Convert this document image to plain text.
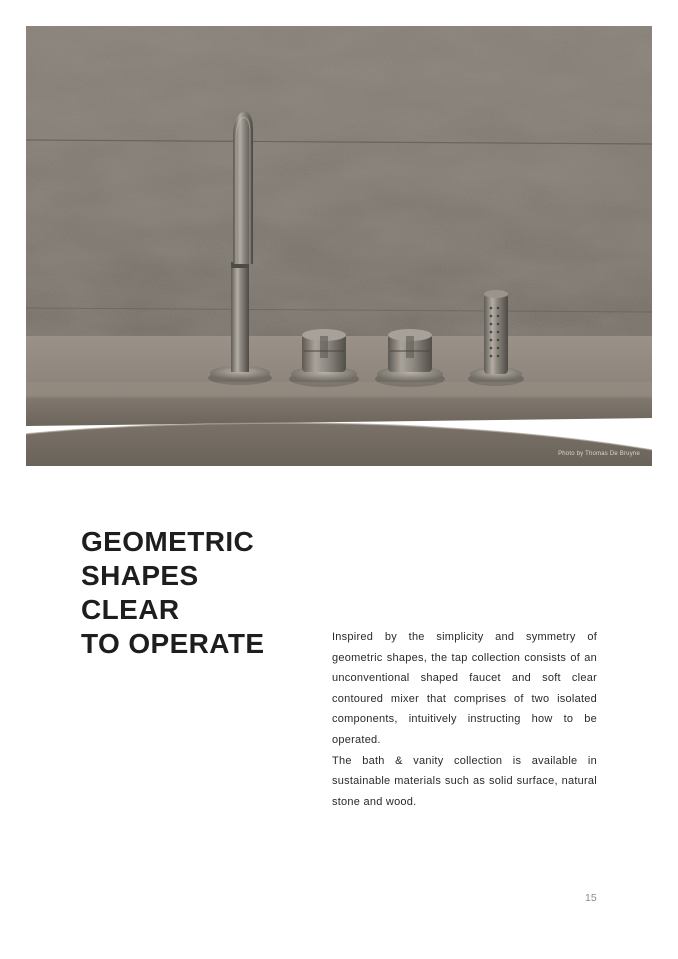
Photo by Thomas De Bruyne
GEOMETRIC
SHAPES
CLEAR
TO OPERATE	Inspired by the simplicity and symmetry of geometric shapes, the tap collection consists of an unconventional shaped faucet and soft clear contoured mixer that comprises of two isolated components, intuitively instructing how to be operated.

The bath & vanity collection is available in sustainable materials such as solid surface, natural stone and wood.

15
